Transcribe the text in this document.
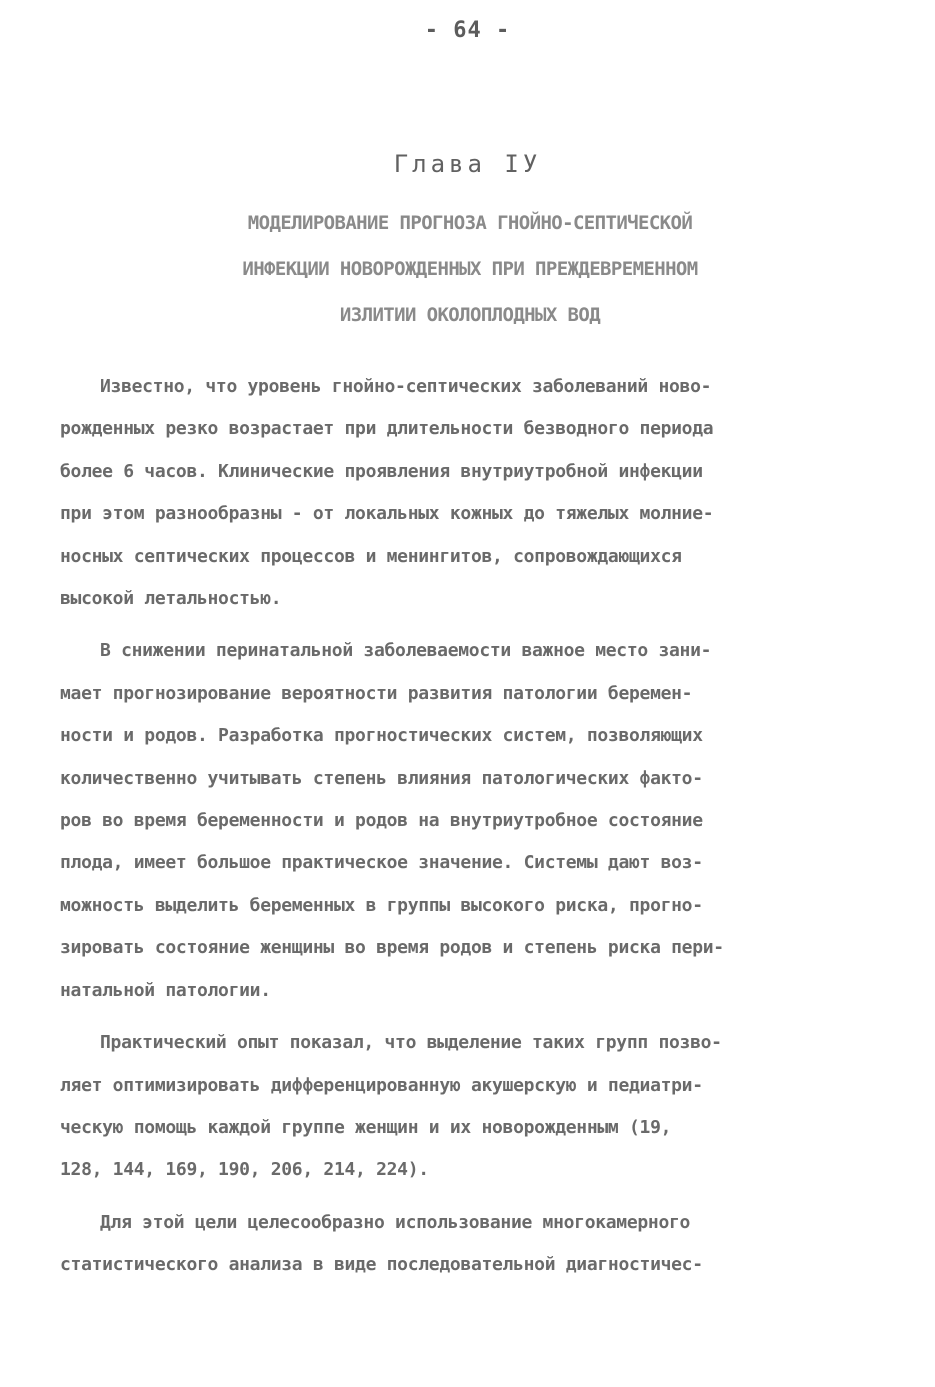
- 64 -
Глава IУ
МОДЕЛИРОВАНИЕ ПРОГНОЗА ГНОЙНО-СЕПТИЧЕСКОЙ
ИНФЕКЦИИ НОВОРОЖДЕННЫХ ПРИ ПРЕЖДЕВРЕМЕННОМ
ИЗЛИТИИ ОКОЛОПЛОДНЫХ ВОД

Известно, что уровень гнойно-септических заболеваний ново-
рожденных резко возрастает при длительности безводного периода
более 6 часов. Клинические проявления внутриутробной инфекции
при этом разнообразны - от локальных кожных до тяжелых молние-
носных септических процессов и менингитов, сопровождающихся
высокой летальностью.

В снижении перинатальной заболеваемости важное место зани-
мает прогнозирование вероятности развития патологии беремен-
ности и родов. Разработка прогностических систем, позволяющих
количественно учитывать степень влияния патологических факто-
ров во время беременности и родов на внутриутробное состояние
плода, имеет большое практическое значение. Системы дают воз-
можность выделить беременных в группы высокого риска, прогно-
зировать состояние женщины во время родов и степень риска пери-
натальной патологии.

Практический опыт показал, что выделение таких групп позво-
ляет оптимизировать дифференцированную акушерскую и педиатри-
ческую помощь каждой группе женщин и их новорожденным (19,
128, 144, 169, 190, 206, 214, 224).

Для этой цели целесообразно использование многокамерного
статистического анализа в виде последовательной диагностичес-
